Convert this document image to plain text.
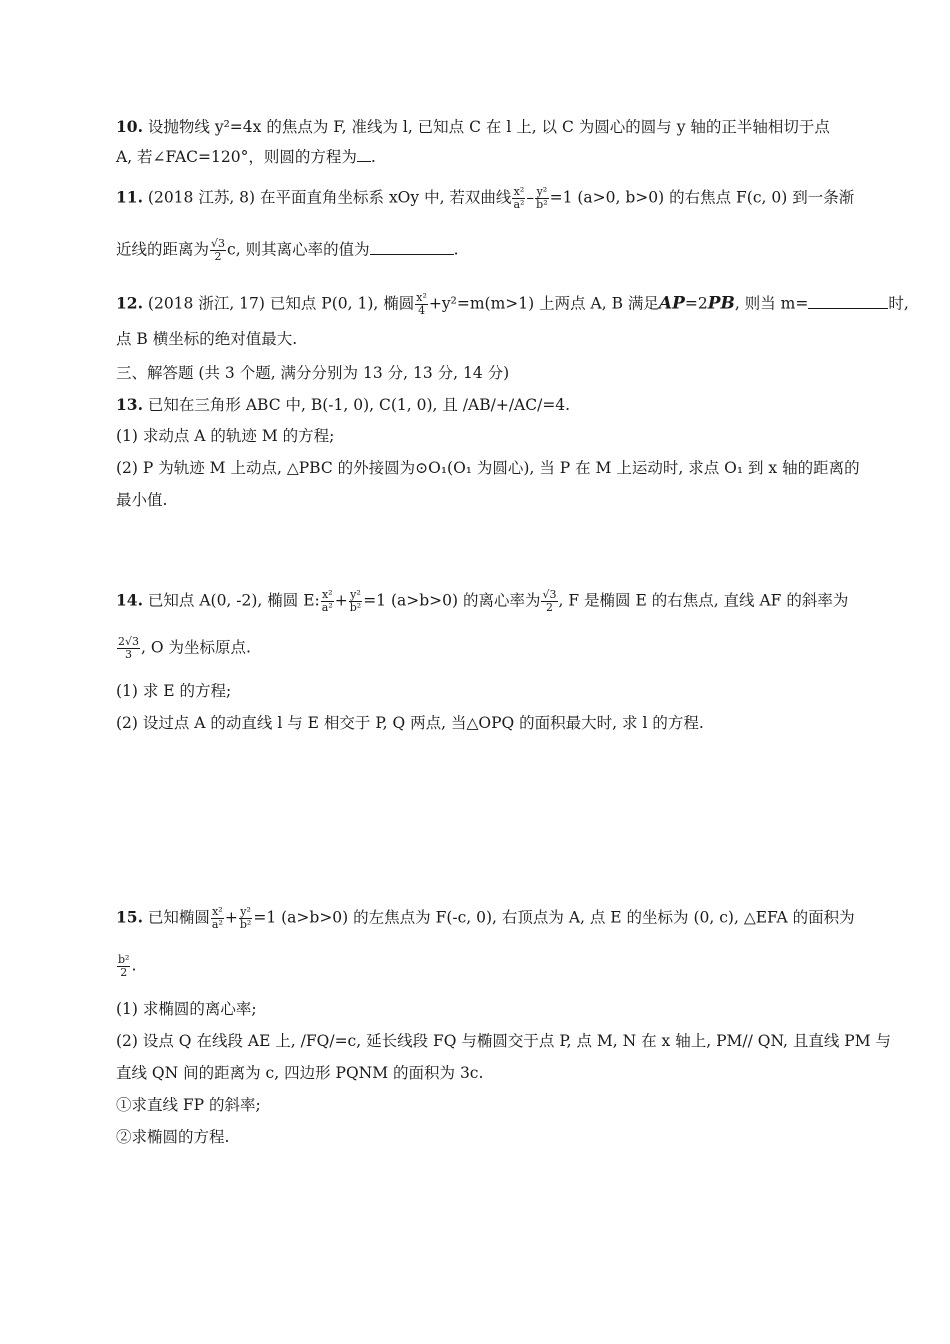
10. 设抛物线 y²=4x 的焦点为 F, 准线为 l, 已知点 C 在 l 上, 以 C 为圆心的圆与 y 轴的正半轴相切于点
A, 若∠FAC=120°，则圆的方程为 .
11. (2018 江苏, 8) 在平面直角坐标系 xOy 中, 若双曲线 $\frac{\text{x²}}{\text{a²}} - \frac{\text{y²}}{\text{b²}} =1$ (a>0, b>0) 的右焦点 F(c, 0) 到一条渐
近线的距离为 $\frac{√3}{2} c$, 则其离心率的值为	.
12. (2018 浙江, 17) 已知点 P(0, 1), 椭圆 $\frac{\text{x²}}{4} +y^2=m(m>1)$ 上两点 A, B 满足AP=2PB, 则当 m=	时,
点 B 横坐标的绝对值最大.
三、解答题 (共 3 个题, 满分分别为 13 分, 13 分, 14 分)
13. 已知在三角形 ABC 中, B(-1, 0), C(1, 0), 且 /AB/+/AC/=4.
(1) 求动点 A 的轨迹 M 的方程;
(2) P 为轨迹 M 上动点, △PBC 的外接圆为⊙O₁(O₁ 为圆心), 当 P 在 M 上运动时, 求点 O₁ 到 x 轴的距离的
最小值.
14. 已知点 A(0, -2), 椭圆 E: $\frac{\text{x²}}{\text{a²}} + \frac{\text{y²}}{\text{b²}} =1$ (a>b>0) 的离心率为 $\frac{√3}{2}$ , F 是椭圆 E 的右焦点, 直线 AF 的斜率为
$\frac{2√3}{3}$ , O 为坐标原点.
(1) 求 E 的方程;
(2) 设过点 A 的动直线 l 与 E 相交于 P, Q 两点, 当△OPQ 的面积最大时, 求 l 的方程.
15. 已知椭圆 $\frac{\text{x²}}{\text{a²}} + \frac{\text{y²}}{\text{b²}} =1$ (a>b>0) 的左焦点为 F(-c, 0), 右顶点为 A, 点 E 的坐标为 (0, c), △EFA 的面积为
$\frac{\text{b²}}{2}$ .
(1) 求椭圆的离心率;
(2) 设点 Q 在线段 AE 上, /FQ/=c, 延长线段 FQ 与椭圆交于点 P, 点 M, N 在 x 轴上, PM// QN, 且直线 PM 与
直线 QN 间的距离为 c, 四边形 PQNM 的面积为 3c.
①求直线 FP 的斜率;
②求椭圆的方程.
